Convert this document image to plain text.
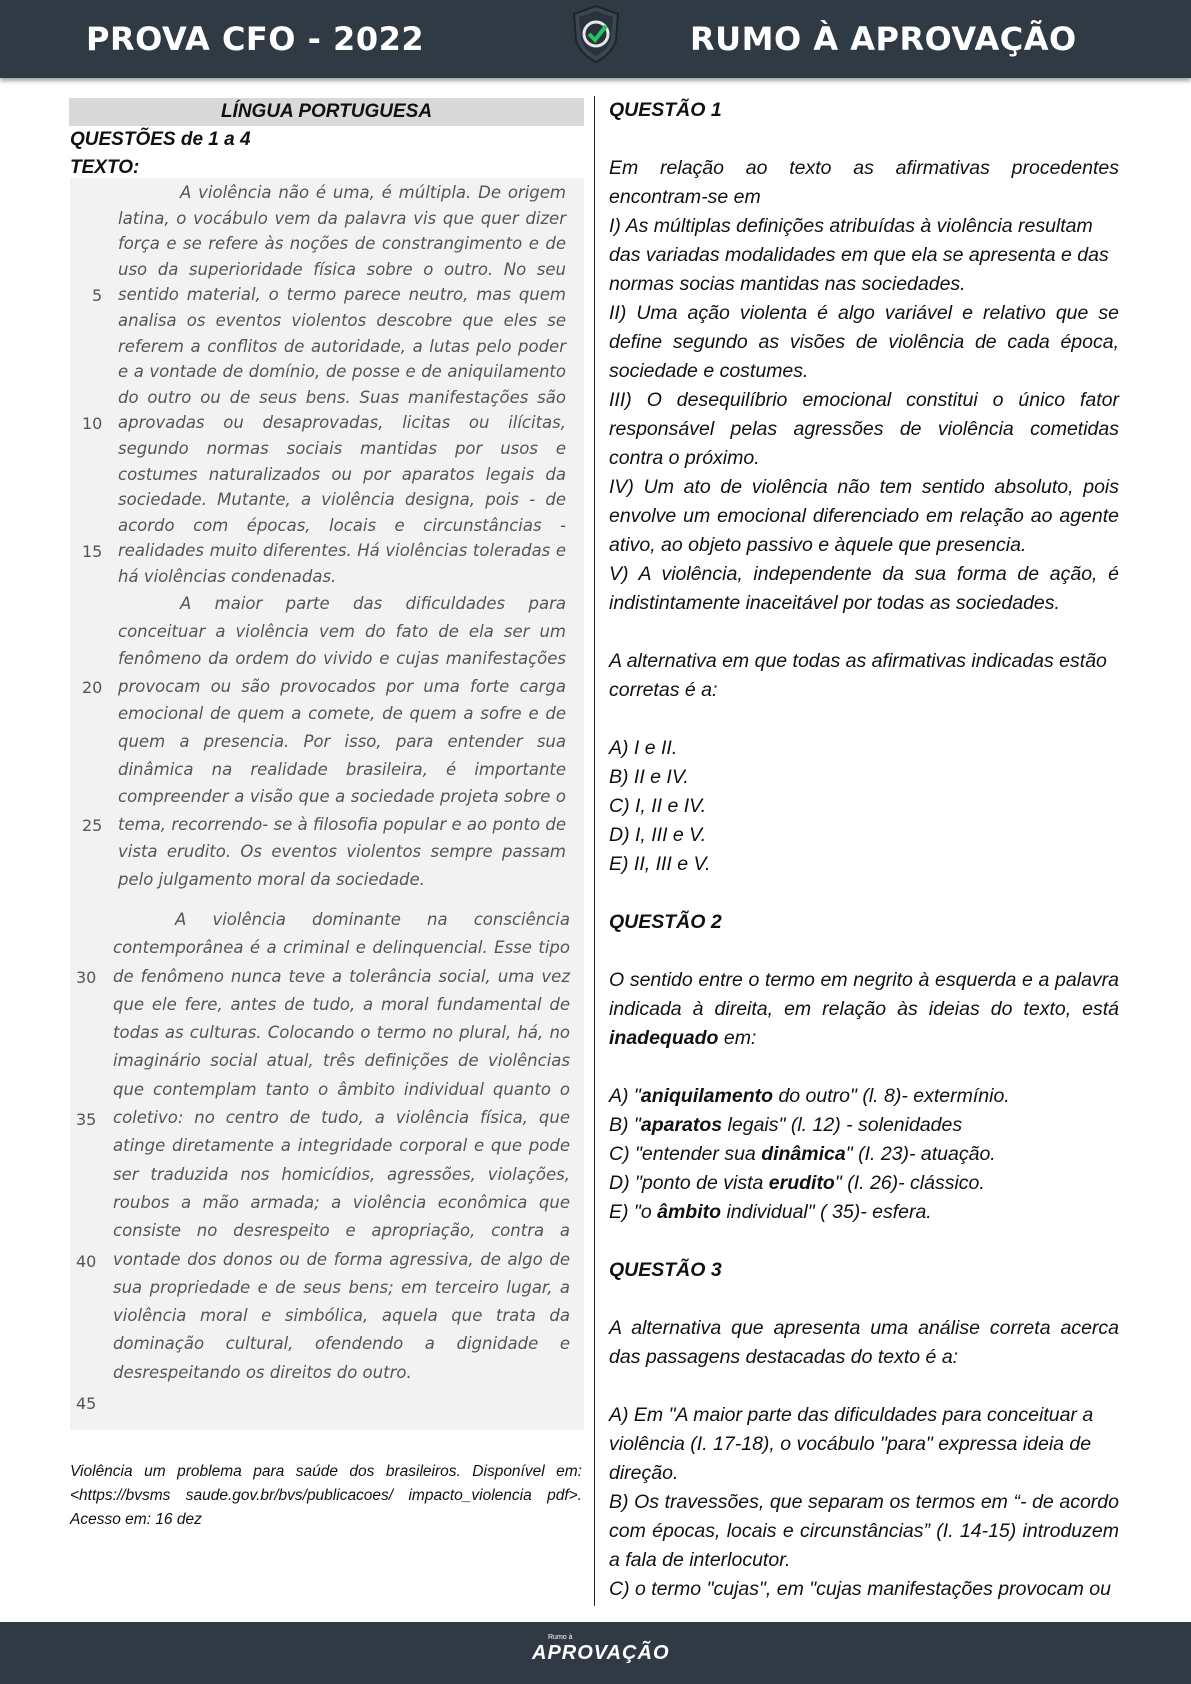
PROVA CFO - 2022	RUMO À APROVAÇÃO
LÍNGUA PORTUGUESA
QUESTÕES de 1 a 4
TEXTO:
A violência não é uma, é múltipla. De origem latina, o vocábulo vem da palavra vis que quer dizer força e se refere às noções de constrangimento e de uso da superioridade física sobre o outro. No seu sentido material, o termo parece neutro, mas quem analisa os eventos violentos descobre que eles se referem a conflitos de autoridade, a lutas pelo poder e a vontade de domínio, de posse e de aniquilamento do outro ou de seus bens. Suas manifestações são aprovadas ou desaprovadas, licitas ou ilícitas, segundo normas sociais mantidas por usos e costumes naturalizados ou por aparatos legais da sociedade. Mutante, a violência designa, pois - de acordo com épocas, locais e circunstâncias - realidades muito diferentes. Há violências toleradas e há violências condenadas.
A maior parte das dificuldades para conceituar a violência vem do fato de ela ser um fenômeno da ordem do vivido e cujas manifestações provocam ou são provocados por uma forte carga emocional de quem a comete, de quem a sofre e de quem a presencia. Por isso, para entender sua dinâmica na realidade brasileira, é importante compreender a visão que a sociedade projeta sobre o tema, recorrendo- se à filosofia popular e ao ponto de vista erudito. Os eventos violentos sempre passam pelo julgamento moral da sociedade.
A violência dominante na consciência contemporânea é a criminal e delinquencial. Esse tipo de fenômeno nunca teve a tolerância social, uma vez que ele fere, antes de tudo, a moral fundamental de todas as culturas. Colocando o termo no plural, há, no imaginário social atual, três definições de violências que contemplam tanto o âmbito individual quanto o coletivo: no centro de tudo, a violência física, que atinge diretamente a integridade corporal e que pode ser traduzida nos homicídios, agressões, violações, roubos a mão armada; a violência econômica que consiste no desrespeito e apropriação, contra a vontade dos donos ou de forma agressiva, de algo de sua propriedade e de seus bens; em terceiro lugar, a violência moral e simbólica, aquela que trata da dominação cultural, ofendendo a dignidade e desrespeitando os direitos do outro.
5
10
15
20
25
30
35
40
45
Violência um problema para saúde dos brasileiros. Disponível em: <https://bvsms saude.gov.br/bvs/publicacoes/ impacto_violencia pdf>. Acesso em: 16 dez

QUESTÃO 1

Em relação ao texto as afirmativas procedentes encontram-se em

I) As múltiplas definições atribuídas à violência resultam das variadas modalidades em que ela se apresenta e das normas socias mantidas nas sociedades.

II) Uma ação violenta é algo variável e relativo que se define segundo as visões de violência de cada época, sociedade e costumes.

III) O desequilíbrio emocional constitui o único fator responsável pelas agressões de violência cometidas contra o próximo.

IV) Um ato de violência não tem sentido absoluto, pois envolve um emocional diferenciado em relação ao agente ativo, ao objeto passivo e àquele que presencia.

V) A violência, independente da sua forma de ação, é indistintamente inaceitável por todas as sociedades.

A alternativa em que todas as afirmativas indicadas estão corretas é a:

A) I e II.

B) II e IV.

C) I, II e IV.

D) I, III e V.

E) II, III e V.

QUESTÃO 2

O sentido entre o termo em negrito à esquerda e a palavra indicada à direita, em relação às ideias do texto, está inadequado em:

A) "aniquilamento do outro" (l. 8)- extermínio.

B) "aparatos legais" (l. 12) - solenidades

C) "entender sua dinâmica" (I. 23)- atuação.

D) "ponto de vista erudito" (I. 26)- clássico.

E) "o âmbito individual" ( 35)- esfera.

QUESTÃO 3

A alternativa que apresenta uma análise correta acerca das passagens destacadas do texto é a:

A) Em "A maior parte das dificuldades para conceituar a violência (I. 17-18), o vocábulo "para" expressa ideia de direção.

B) Os travessões, que separam os termos em “- de acordo com épocas, locais e circunstâncias” (I. 14-15) introduzem a fala de interlocutor.

C) o termo "cujas", em "cujas manifestações provocam ou

Rumo à
APROVAÇÃO
